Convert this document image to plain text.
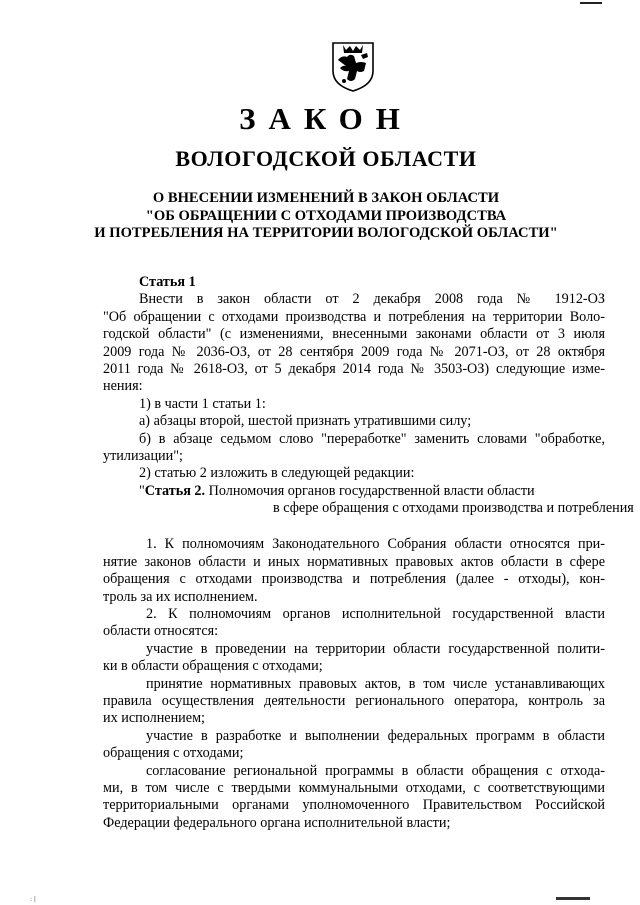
ЗАКОН
ВОЛОГОДСКОЙ ОБЛАСТИ
О ВНЕСЕНИИ ИЗМЕНЕНИЙ В ЗАКОН ОБЛАСТИ
"ОБ ОБРАЩЕНИИ С ОТХОДАМИ ПРОИЗВОДСТВА
И ПОТРЕБЛЕНИЯ НА ТЕРРИТОРИИ ВОЛОГОДСКОЙ ОБЛАСТИ"
Статья 1
Внести в закон области от 2 декабря 2008 года № 1912-ОЗ
"Об обращении с отходами производства и потребления на территории Воло-
годской области" (с изменениями, внесенными законами области от 3 июля
2009 года № 2036-ОЗ, от 28 сентября 2009 года № 2071-ОЗ, от 28 октября
2011 года № 2618-ОЗ, от 5 декабря 2014 года № 3503-ОЗ) следующие изме-
нения:
1) в части 1 статьи 1:
а) абзацы второй, шестой признать утратившими силу;
б) в абзаце седьмом слово "переработке" заменить словами "обработке,
утилизации";
2) статью 2 изложить в следующей редакции:
"Статья 2. Полномочия органов государственной власти области
в сфере обращения с отходами производства и потребления
1. К полномочиям Законодательного Собрания области относятся при-
нятие законов области и иных нормативных правовых актов области в сфере
обращения с отходами производства и потребления (далее - отходы), кон-
троль за их исполнением.
2. К полномочиям органов исполнительной государственной власти
области относятся:
участие в проведении на территории области государственной полити-
ки в области обращения с отходами;
принятие нормативных правовых актов, в том числе устанавливающих
правила осуществления деятельности регионального оператора, контроль за
их исполнением;
участие в разработке и выполнении федеральных программ в области
обращения с отходами;
согласование региональной программы в области обращения с отхода-
ми, в том числе с твердыми коммунальными отходами, с соответствующими
территориальными органами уполномоченного Правительством Российской
Федерации федерального органа исполнительной власти;
: |
